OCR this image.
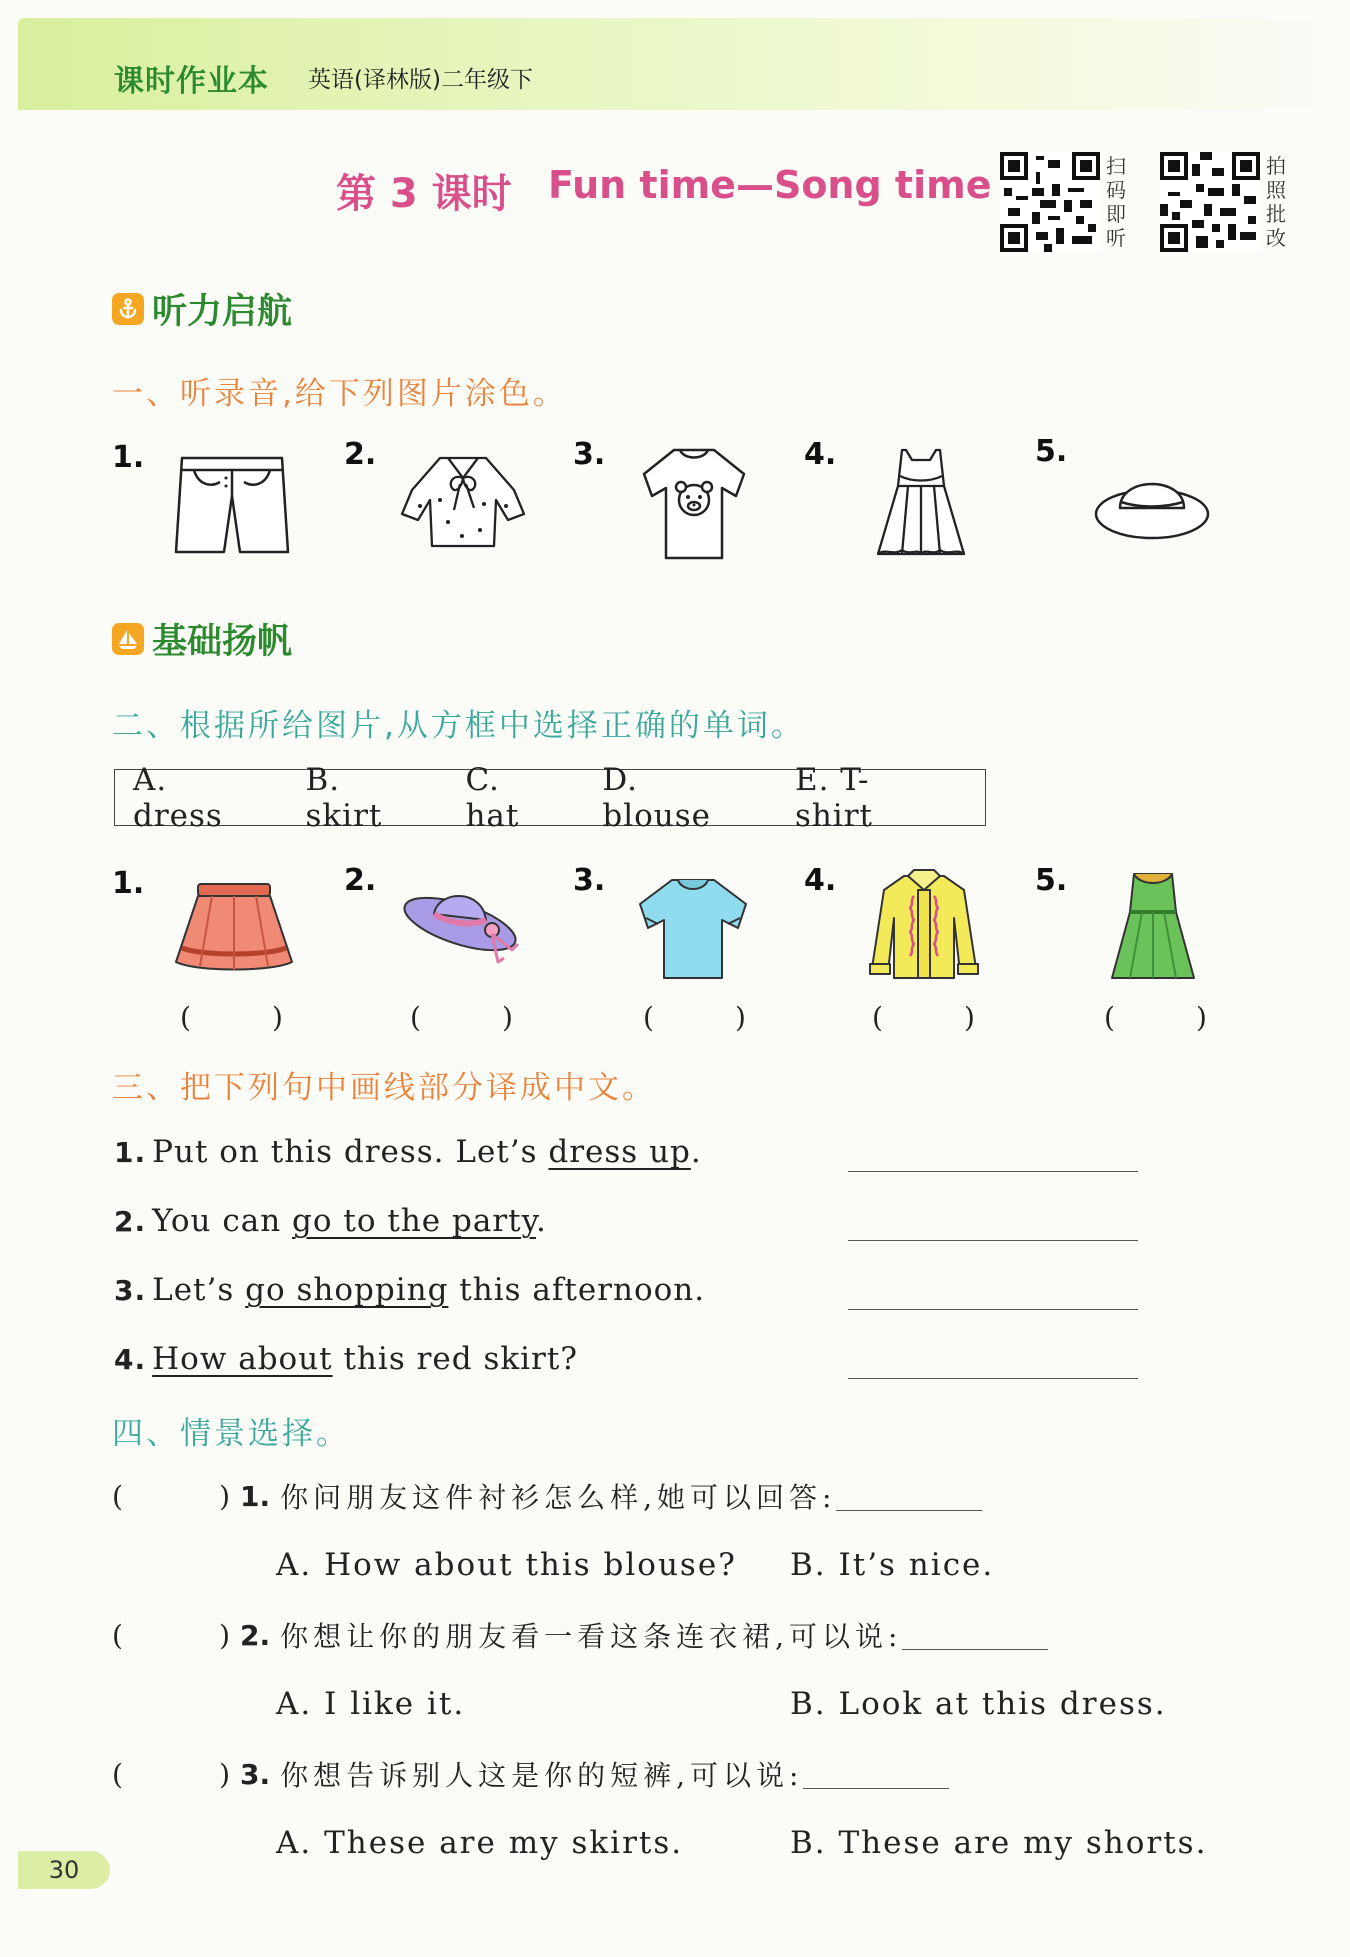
课时作业本 英语(译林版)二年级下
第 3 课时 Fun time—Song time	扫码即听
拍照批改
听力启航
一、听录音,给下列图片涂色。
1.	2.	3.	4.	5.
基础扬帆
二、根据所给图片,从方框中选择正确的单词。
A. dress
B. skirt
C. hat
D. blouse
E. T-shirt
1.	2.	3.	4.	5.
(	)	(	)	(	)	(	)	(	)
三、把下列句中画线部分译成中文。
1. Put on this dress. Let’s dress up.
2. You can go to the party.
3. Let’s go shopping this afternoon.
4. How about this red skirt?
四、情景选择。
(	) 1. 你问朋友这件衬衫怎么样,她可以回答:
A. How about this blouse? B. It’s nice.
(	) 2. 你想让你的朋友看一看这条连衣裙,可以说:
A. I like it.	B. Look at this dress.
(	) 3. 你想告诉别人这是你的短裤,可以说:
A. These are my skirts.	B. These are my shorts.
30
